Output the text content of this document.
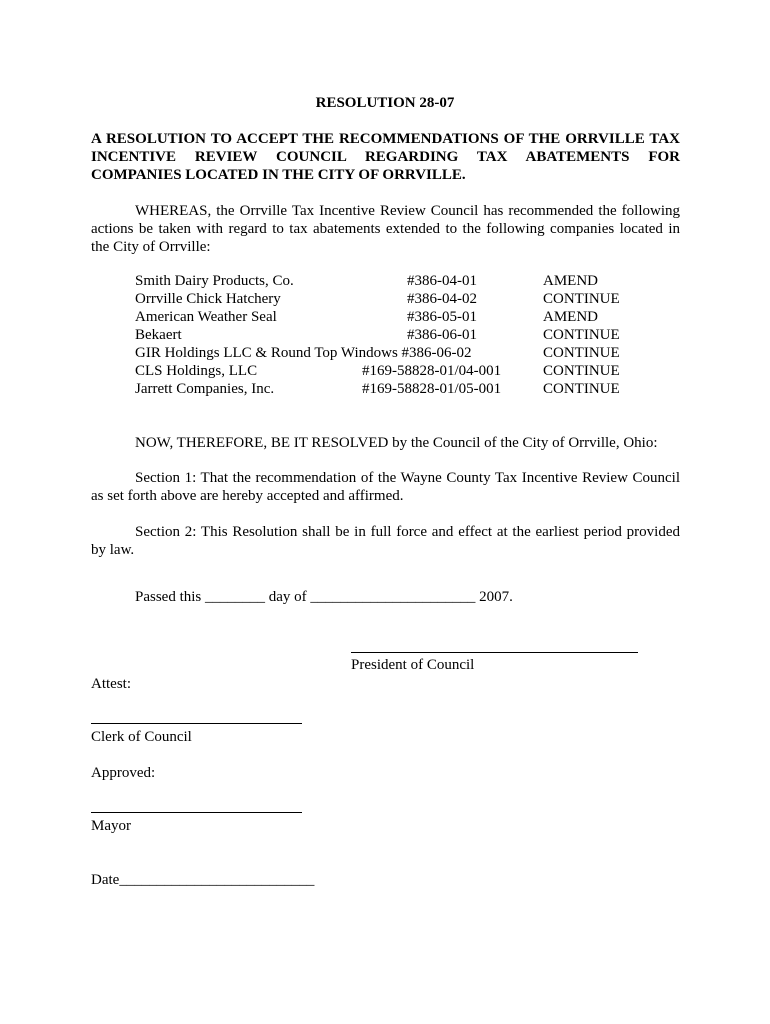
RESOLUTION 28-07
A RESOLUTION TO ACCEPT THE RECOMMENDATIONS OF THE ORRVILLE TAX
INCENTIVE REVIEW COUNCIL REGARDING TAX ABATEMENTS FOR
COMPANIES LOCATED IN THE CITY OF ORRVILLE.
WHEREAS, the Orrville Tax Incentive Review Council has recommended the following
actions be taken with regard to tax abatements extended to the following companies located in
the City of Orrville:
Smith Dairy Products, Co.	#386-04-01	AMEND
Orrville Chick Hatchery	#386-04-02	CONTINUE
American Weather Seal	#386-05-01	AMEND
Bekaert	#386-06-01	CONTINUE
GIR Holdings LLC & Round Top Windows #386-06-02	CONTINUE
CLS Holdings, LLC	#169-58828-01/04-001	CONTINUE
Jarrett Companies, Inc.	#169-58828-01/05-001	CONTINUE
NOW, THEREFORE, BE IT RESOLVED by the Council of the City of Orrville, Ohio:
Section 1: That the recommendation of the Wayne County Tax Incentive Review Council
as set forth above are hereby accepted and affirmed.
Section 2: This Resolution shall be in full force and effect at the earliest period provided
by law.
Passed this ________ day of ______________________ 2007.
President of Council
Attest:
Clerk of Council
Approved:
Mayor
Date__________________________
